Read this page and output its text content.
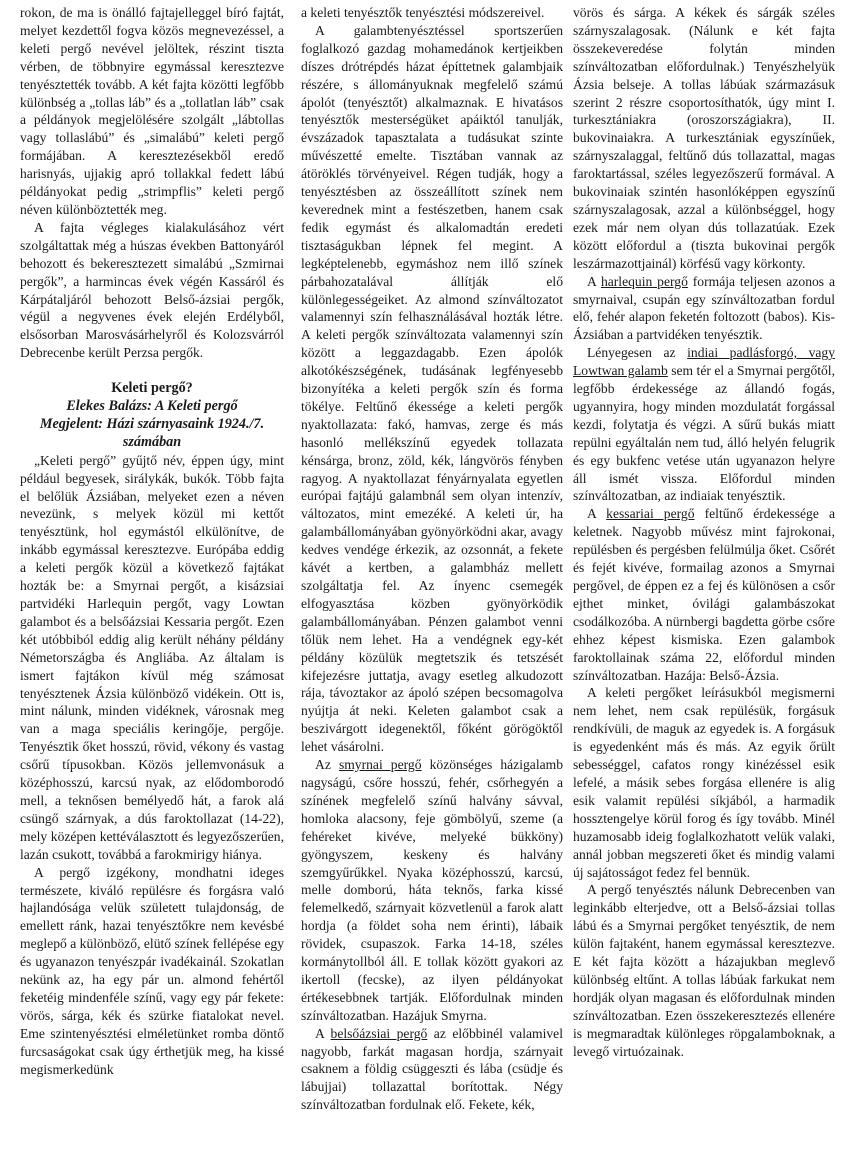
rokon, de ma is önálló fajtajelleggel bíró fajtát, melyet kezdettől fogva közös megnevezéssel, a keleti pergő nevével jelöltek, részint tiszta vérben, de többnyire egymással keresztezve tenyésztették tovább. A két fajta közötti legfőbb különbség a „tollas láb” és a „tollatlan láb” csak a példányok megjelölésére szolgált „lábtollas vagy tollaslábú” és „simalábú” keleti pergő formájában. A keresztezésekből eredő harisnyás, ujjakig apró tollakkal fedett lábú példányokat pedig „strimpflis” keleti pergő néven különböztették meg.

A fajta végleges kialakulásához vért szolgáltattak még a húszas években Battonyáról behozott és bekeresztezett simalábú „Szmirnai pergők”, a harmincas évek végén Kassáról és Kárpátaljáról behozott Belső-ázsiai pergők, végül a negyvenes évek elején Erdélyből, elsősorban Marosvásárhelyről és Kolozsvárról Debrecenbe került Perzsa pergők.

Keleti pergő?
Elekes Balázs: A Keleti pergő
Megjelent: Házi szárnyasaink 1924./7.
számában

„Keleti pergő” gyűjtő név, éppen úgy, mint például begyesek, sirálykák, bukók. Több fajta el belőlük Ázsiában, melyeket ezen a néven nevezünk, s melyek közül mi kettőt tenyésztünk, hol egymástól elkülönítve, de inkább egymással keresztezve. Európába eddig a keleti pergők közül a következő fajtákat hozták be: a Smyrnai pergőt, a kisázsiai partvidéki Harlequin pergőt, vagy Lowtan galambot és a belsőázsiai Kessaria pergőt. Ezen két utóbbiból eddig alig került néhány példány Németországba és Angliába. Az általam is ismert fajtákon kívül még számosat tenyésztenek Ázsia különböző vidékein. Ott is, mint nálunk, minden vidéknek, városnak meg van a maga speciális keringője, pergője. Tenyésztik őket hosszú, rövid, vékony és vastag csőrű típusokban. Közös jellemvonásuk a középhosszú, karcsú nyak, az elődomborodó mell, a teknősen bemélyedő hát, a farok alá csüngő szárnyak, a dús faroktollazat (14-22), mely középen kettéválasztott és legyezőszerűen, lazán csukott, továbbá a farokmirigy hiánya.

A pergő izgékony, mondhatni ideges természete, kiváló repülésre és forgásra való hajlandósága velük született tulajdonság, de emellett ránk, hazai tenyésztőkre nem kevésbé meglepő a különböző, elütő színek fellépése egy és ugyanazon tenyészpár ivadékainál. Szokatlan nekünk az, ha egy pár un. almond fehértől feketéig mindenféle színű, vagy egy pár fekete: vörös, sárga, kék és szürke fiatalokat nevel. Eme szintenyésztési elméletünket romba döntő furcsaságokat csak úgy érthetjük meg, ha kissé megismerkedünk

a keleti tenyésztők tenyésztési módszereivel.

A galambtenyésztéssel sportszerűen foglalkozó gazdag mohamedánok kertjeikben díszes drótrépdés házat építtetnek galambjaik részére, s állományuknak megfelelő számú ápolót (tenyésztőt) alkalmaznak. E hivatásos tenyésztők mesterségüket apáiktól tanulják, évszázadok tapasztalata a tudásukat szinte művészetté emelte. Tisztában vannak az átöröklés törvényeivel. Régen tudják, hogy a tenyésztésben az összeállított színek nem keverednek mint a festészetben, hanem csak fedik egymást és alkalomadtán eredeti tisztaságukban lépnek fel megint. A legképtelenebb, egymáshoz nem illő színek párbahozatalával állítják elő különlegességeiket. Az almond színváltozatot valamennyi szín felhasználásával hozták létre. A keleti pergők színváltozata valamennyi szín között a leggazdagabb. Ezen ápolók alkotókészségének, tudásának legfényesebb bizonyítéka a keleti pergők szín és forma tökélye. Feltűnő ékessége a keleti pergők nyaktollazata: fakó, hamvas, zerge és más hasonló mellékszínű egyedek tollazata kénsárga, bronz, zöld, kék, lángvörös fényben ragyog. A nyaktollazat fényárnyalata egyetlen európai fajtájú galambnál sem olyan intenzív, változatos, mint emezéké. A keleti úr, ha galambállományában gyönyörködni akar, avagy kedves vendége érkezik, az ozsonnát, a fekete kávét a kertben, a galambház mellett szolgáltatja fel. Az ínyenc csemegék elfogyasztása közben gyönyörködik galambállományában. Pénzen galambot venni tőlük nem lehet. Ha a vendégnek egy-két példány közülük megtetszik és tetszését kifejezésre juttatja, avagy esetleg alkudozott rája, távoztakor az ápoló szépen becsomagolva nyújtja át neki. Keleten galambot csak a beszivárgott idegenektől, főként görögöktől lehet vásárolni.

Az smyrnai pergő közönséges házigalamb nagyságú, csőre hosszú, fehér, csőrhegyén a színének megfelelő színű halvány sávval, homloka alacsony, feje gömbölyű, szeme (a fehéreket kivéve, melyeké bükköny) gyöngyszem, keskeny és halvány szemgyűrűkkel. Nyaka középhosszú, karcsú, melle domború, háta teknős, farka kissé felemelkedő, szárnyait közvetlenül a farok alatt hordja (a földet soha nem érinti), lábaik rövidek, csupaszok. Farka 14-18, széles kormánytollból áll. E tollak között gyakori az ikertoll (fecske), az ilyen példányokat értékesebbnek tartják. Előfordulnak minden színváltozatban. Hazájuk Smyrna.

A belsőázsiai pergő az előbbinél valamivel nagyobb, farkát magasan hordja, szárnyait csaknem a földig csüggeszti és lába (csüdje és lábujjai) tollazattal borítottak. Négy színváltozatban fordulnak elő. Fekete, kék,

vörös és sárga. A kékek és sárgák széles szárnyszalagosak. (Nálunk e két fajta összekeveredése folytán minden színváltozatban előfordulnak.) Tenyészhelyük Ázsia belseje. A tollas lábúak származásuk szerint 2 részre csoportosíthatók, úgy mint I. turkesztániakra (oroszországiakra), II. bukovinaiakra. A turkesztániak egyszínűek, szárnyszalaggal, feltűnő dús tollazattal, magas faroktartással, széles legyezőszerű formával. A bukovinaiak szintén hasonlóképpen egyszínű szárnyszalagosak, azzal a különbséggel, hogy ezek már nem olyan dús tollazatúak. Ezek között előfordul a (tiszta bukovinai pergők leszármazottjainál) körfésű vagy körkonty.

A harlequin pergő formája teljesen azonos a smyrnaival, csupán egy színváltozatban fordul elő, fehér alapon feketén foltozott (babos). Kis-Ázsiában a partvidéken tenyésztik.

Lényegesen az indiai padlásforgó, vagy Lowtwan galamb sem tér el a Smyrnai pergőtől, legfőbb érdekessége az állandó fogás, ugyannyira, hogy minden mozdulatát forgással kezdi, folytatja és végzi. A sűrű bukás miatt repülni egyáltalán nem tud, álló helyén felugrik és egy bukfenc vetése után ugyanazon helyre áll ismét vissza. Előfordul minden színváltozatban, az indiaiak tenyésztik.

A kessariai pergő feltűnő érdekessége a keletnek. Nagyobb művész mint fajrokonai, repülésben és pergésben felülmúlja őket. Csőrét és fejét kivéve, formailag azonos a Smyrnai pergővel, de éppen ez a fej és különösen a csőr ejthet minket, óvilági galambászokat csodálkozóba. A nürnbergi bagdetta görbe csőre ehhez képest kismiska. Ezen galambok faroktollainak száma 22, előfordul minden színváltozatban. Hazája: Belső-Ázsia.

A keleti pergőket leírásukból megismerni nem lehet, nem csak repülésük, forgásuk rendkívüli, de maguk az egyedek is. A forgásuk is egyedenként más és más. Az egyik őrült sebességgel, cafatos rongy kinézéssel esik lefelé, a másik sebes forgása ellenére is alig esik valamit repülési síkjából, a harmadik hossztengelye körül forog és így tovább. Minél huzamosabb ideig foglalkozhatott velük valaki, annál jobban megszereti őket és mindig valami új sajátosságot fedez fel bennük.

A pergő tenyésztés nálunk Debrecenben van leginkább elterjedve, ott a Belső-ázsiai tollas lábú és a Smyrnai pergőket tenyésztik, de nem külön fajtaként, hanem egymással keresztezve. E két fajta között a házajukban meglevő különbség eltűnt. A tollas lábúak farkukat nem hordják olyan magasan és előfordulnak minden színváltozatban. Ezen összekeresztezés ellenére is megmaradtak különleges röpgalamboknak, a levegő virtuózainak.
